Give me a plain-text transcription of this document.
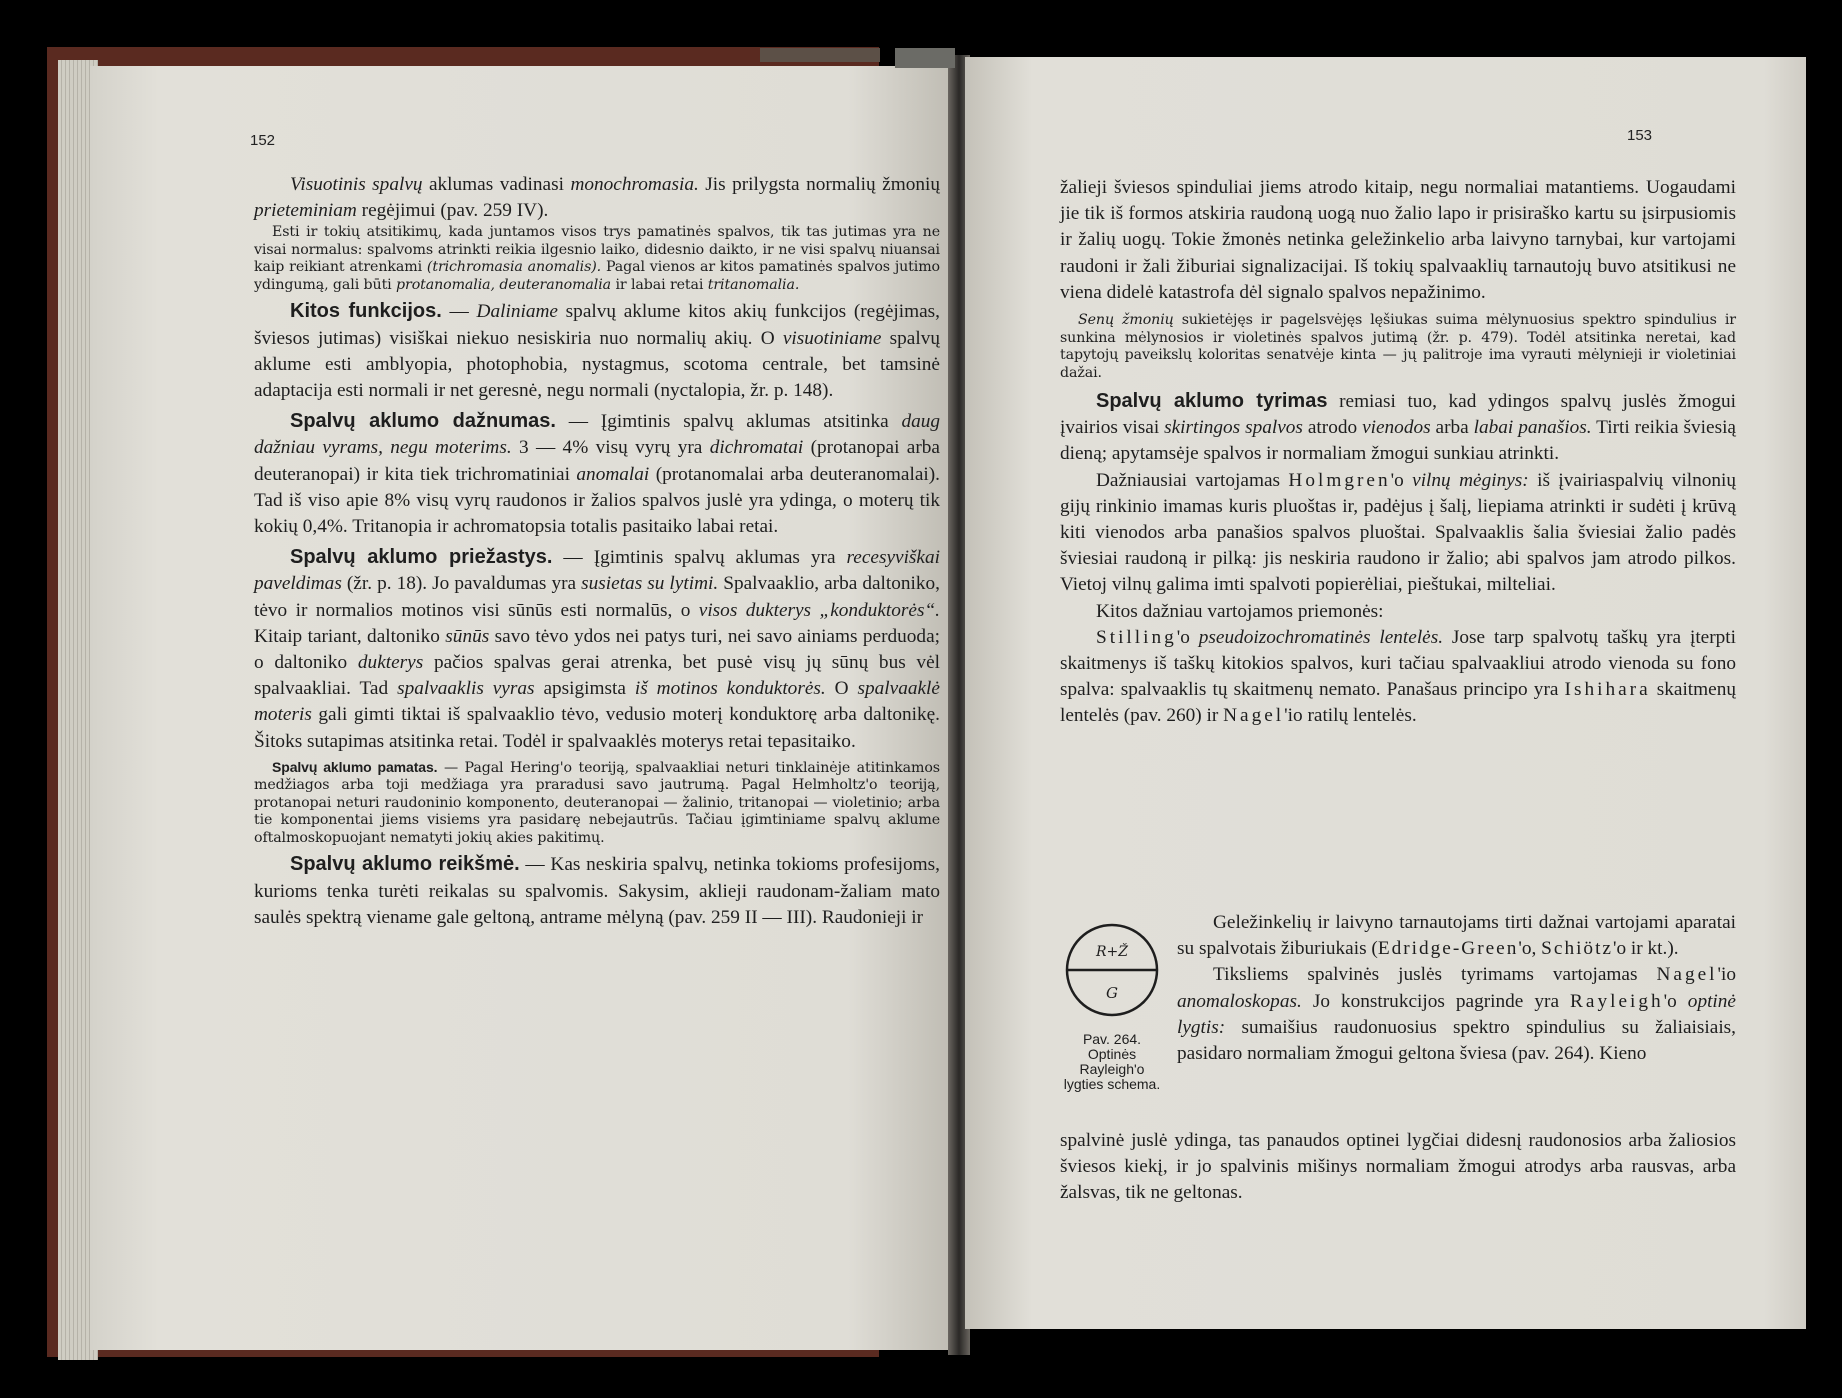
152

Visuotinis spalvų aklumas vadinasi monochromasia. Jis prilygsta normalių žmonių prieteminiam regėjimui (pav. 259 IV).

Esti ir tokių atsitikimų, kada juntamos visos trys pamatinės spalvos, tik tas jutimas yra ne visai normalus: spalvoms atrinkti reikia ilgesnio laiko, didesnio daikto, ir ne visi spalvų niuansai kaip reikiant atrenkami (trichromasia anomalis). Pagal vienos ar kitos pamatinės spalvos jutimo ydingumą, gali būti protanomalia, deuteranomalia ir labai retai tritanomalia.

Kitos funkcijos. — Daliniame spalvų aklume kitos akių funkcijos (regėjimas, šviesos jutimas) visiškai niekuo nesiskiria nuo normalių akių. O visuotiniame spalvų aklume esti amblyopia, photophobia, nystagmus, scotoma centrale, bet tamsinė adaptacija esti normali ir net geresnė, negu normali (nyctalopia, žr. p. 148).

Spalvų aklumo dažnumas. — Įgimtinis spalvų aklumas atsitinka daug dažniau vyrams, negu moterims. 3 — 4% visų vyrų yra dichromatai (protanopai arba deuteranopai) ir kita tiek trichromatiniai anomalai (protanomalai arba deuteranomalai). Tad iš viso apie 8% visų vyrų raudonos ir žalios spalvos juslė yra ydinga, o moterų tik kokių 0,4%. Tritanopia ir achromatopsia totalis pasitaiko labai retai.

Spalvų aklumo priežastys. — Įgimtinis spalvų aklumas yra recesyviškai paveldimas (žr. p. 18). Jo pavaldumas yra susietas su lytimi. Spalvaaklio, arba daltoniko, tėvo ir normalios motinos visi sūnūs esti normalūs, o visos dukterys „konduktorės“. Kitaip tariant, daltoniko sūnūs savo tėvo ydos nei patys turi, nei savo ainiams perduoda; o daltoniko dukterys pačios spalvas gerai atrenka, bet pusė visų jų sūnų bus vėl spalvaakliai. Tad spalvaaklis vyras apsigimsta iš motinos konduktorės. O spalvaaklė moteris gali gimti tiktai iš spalvaaklio tėvo, vedusio moterį konduktorę arba daltonikę. Šitoks sutapimas atsitinka retai. Todėl ir spalvaaklės moterys retai tepasitaiko.

Spalvų aklumo pamatas. — Pagal Hering'o teoriją, spalvaakliai neturi tinklainėje atitinkamos medžiagos arba toji medžiaga yra praradusi savo jautrumą. Pagal Helmholtz'o teoriją, protanopai neturi raudoninio komponento, deuteranopai — žalinio, tritanopai — violetinio; arba tie komponentai jiems visiems yra pasidarę nebejautrūs. Tačiau įgimtiniame spalvų aklume oftalmoskopuojant nematyti jokių akies pakitimų.

Spalvų aklumo reikšmė. — Kas neskiria spalvų, netinka tokioms profesijoms, kurioms tenka turėti reikalas su spalvomis. Sakysim, aklieji raudonam-žaliam mato saulės spektrą viename gale geltoną, antrame mėlyną (pav. 259 II — III). Raudonieji ir

153

žalieji šviesos spinduliai jiems atrodo kitaip, negu normaliai matantiems. Uogaudami jie tik iš formos atskiria raudoną uogą nuo žalio lapo ir prisiraško kartu su įsirpusiomis ir žalių uogų. Tokie žmonės netinka geležinkelio arba laivyno tarnybai, kur vartojami raudoni ir žali žiburiai signalizacijai. Iš tokių spalvaaklių tarnautojų buvo atsitikusi ne viena didelė katastrofa dėl signalo spalvos nepažinimo.

Senų žmonių sukietėjęs ir pagelsvėjęs lęšiukas suima mėlynuosius spektro spindulius ir sunkina mėlynosios ir violetinės spalvos jutimą (žr. p. 479). Todėl atsitinka neretai, kad tapytojų paveikslų koloritas senatvėje kinta — jų palitroje ima vyrauti mėlynieji ir violetiniai dažai.

Spalvų aklumo tyrimas remiasi tuo, kad ydingos spalvų juslės žmogui įvairios visai skirtingos spalvos atrodo vienodos arba labai panašios. Tirti reikia šviesią dieną; apytamsėje spalvos ir normaliam žmogui sunkiau atrinkti.

Dažniausiai vartojamas Holmgren'o vilnų mėginys: iš įvairiaspalvių vilnonių gijų rinkinio imamas kuris pluoštas ir, padėjus į šalį, liepiama atrinkti ir sudėti į krūvą kiti vienodos arba panašios spalvos pluoštai. Spalvaaklis šalia šviesiai žalio padės šviesiai raudoną ir pilką: jis neskiria raudono ir žalio; abi spalvos jam atrodo pilkos. Vietoj vilnų galima imti spalvoti popierėliai, pieštukai, milteliai.

Kitos dažniau vartojamos priemonės:

Stilling'o pseudoizochromatinės lentelės. Jose tarp spalvotų taškų yra įterpti skaitmenys iš taškų kitokios spalvos, kuri tačiau spalvaakliui atrodo vienoda su fono spalva: spalvaaklis tų skaitmenų nemato. Panašaus principo yra Ishihara skaitmenų lentelės (pav. 260) ir Nagel'io ratilų lentelės.

R+Ž
G
Pav. 264. Optinės Rayleigh'o lygties schema.

Geležinkelių ir laivyno tarnautojams tirti dažnai vartojami aparatai su spalvotais žiburiukais (Edridge-Green'o, Schiötz'o ir kt.).

Tiksliems spalvinės juslės tyrimams vartojamas Nagel'io anomaloskopas. Jo konstrukcijos pagrinde yra Rayleigh'o optinė lygtis: sumaišius raudonuosius spektro spindulius su žaliaisiais, pasidaro normaliam žmogui geltona šviesa (pav. 264). Kieno

spalvinė juslė ydinga, tas panaudos optinei lygčiai didesnį raudonosios arba žaliosios šviesos kiekį, ir jo spalvinis mišinys normaliam žmogui atrodys arba rausvas, arba žalsvas, tik ne geltonas.
